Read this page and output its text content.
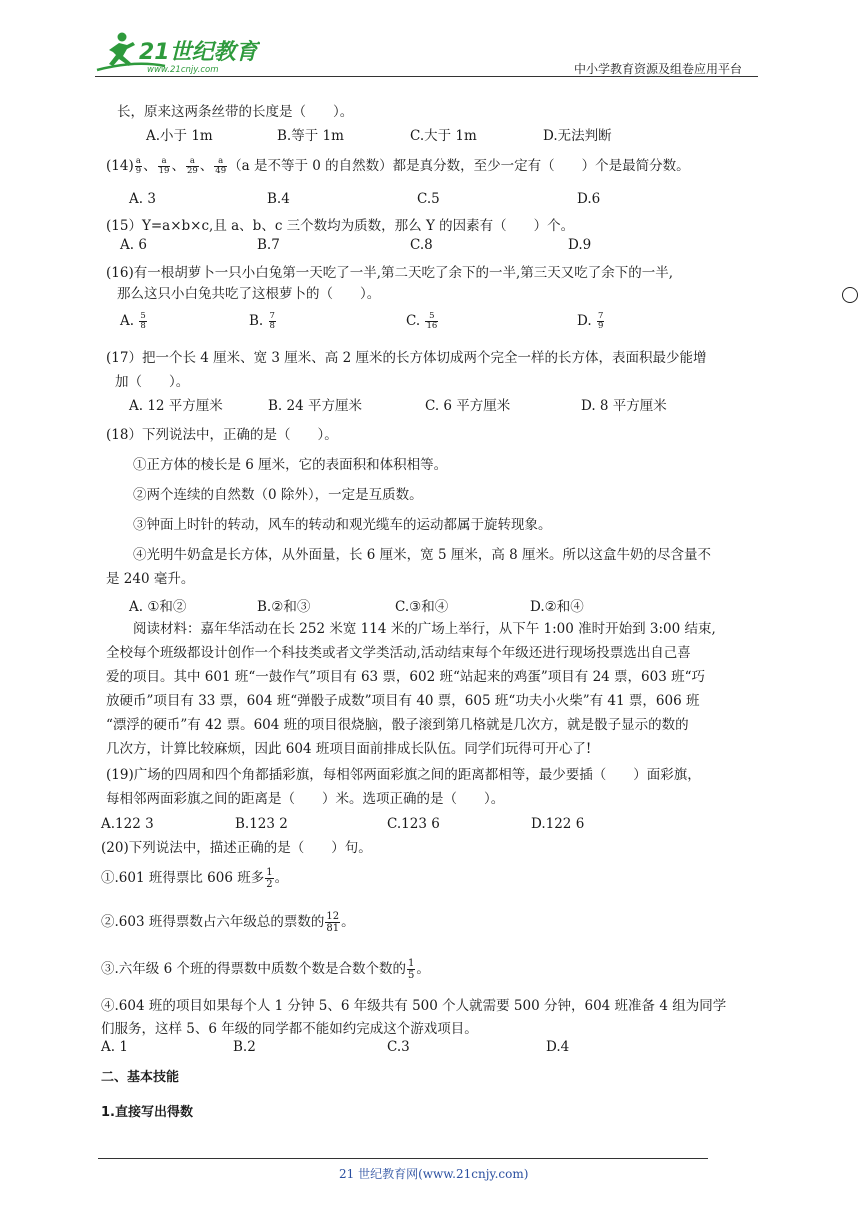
21世纪教育
www.21cnjy.com	中小学教育资源及组卷应用平台
长，原来这两条丝带的长度是（　　）。
A.小于 1m	B.等于 1m	C.大于 1m	D.无法判断
$(14) \frac{a}{9}$ 、 $\frac{a}{19}$ 、 $\frac{a}{29}$ 、 $\frac{a}{49} (a$ 是不等于 0 的自然数）都是真分数，至少一定有（　　）个是最简分数。
A. 3	B.4	C.5	D.6
(15）Y=a×b×c,且 a、b、c 三个数均为质数，那么 Y 的因素有（　　）个。
A. 6	B.7	C.8	D.9
(16)有一根胡萝卜一只小白兔第一天吃了一半,第二天吃了余下的一半,第三天又吃了余下的一半,
那么这只小白兔共吃了这根萝卜的（　　）。
A. $\frac{5}{8}$	B. $\frac{7}{8}$	C. $\frac{5}{16}$	D. $\frac{7}{9}$
(17）把一个长 4 厘米、宽 3 厘米、高 2 厘米的长方体切成两个完全一样的长方体，表面积最少能增
加（　　）。
A. 12 平方厘米	B. 24 平方厘米	C. 6 平方厘米	D. 8 平方厘米
(18）下列说法中，正确的是（　　）。
①正方体的棱长是 6 厘米，它的表面积和体积相等。
②两个连续的自然数（0 除外），一定是互质数。
③钟面上时针的转动，风车的转动和观光缆车的运动都属于旋转现象。
④光明牛奶盒是长方体，从外面量，长 6 厘米，宽 5 厘米，高 8 厘米。所以这盒牛奶的尽含量不
是 240 毫升。
A. ①和②	B.②和③	C.③和④	D.②和④
阅读材料：嘉年华活动在长 252 米宽 114 米的广场上举行，从下午 1:00 准时开始到 3:00 结束,
全校每个班级都设计创作一个科技类或者文学类活动,活动结束每个年级还进行现场投票选出自己喜
爱的项目。其中 601 班“一鼓作气”项目有 63 票，602 班“站起来的鸡蛋”项目有 24 票，603 班“巧
放硬币”项目有 33 票，604 班“弹骰子成数”项目有 40 票，605 班“功夫小火柴”有 41 票，606 班
“漂浮的硬币”有 42 票。604 班的项目很烧脑，骰子滚到第几格就是几次方，就是骰子显示的数的
几次方，计算比较麻烦，因此 604 班项目面前排成长队伍。同学们玩得可开心了!
(19)广场的四周和四个角都插彩旗，每相邻两面彩旗之间的距离都相等，最少要插（　　）面彩旗，
每相邻两面彩旗之间的距离是（　　）米。选项正确的是（　　）。
A.122 3	B.123 2	C.123 6	D.122 6
(20)下列说法中，描述正确的是（　　）句。
①.601 班得票比 606 班多 $\frac{1}{2}$ 。
②.603 班得票数占六年级总的票数的 $\frac{12}{81}$ 。
③.六年级 6 个班的得票数中质数个数是合数个数的 $\frac{1}{5}$ 。
④.604 班的项目如果每个人 1 分钟 5、6 年级共有 500 个人就需要 500 分钟，604 班准备 4 组为同学
们服务，这样 5、6 年级的同学都不能如约完成这个游戏项目。
A. 1	B.2	C.3	D.4
二、基本技能
1.直接写出得数
21 世纪教育网(www.21cnjy.com)
